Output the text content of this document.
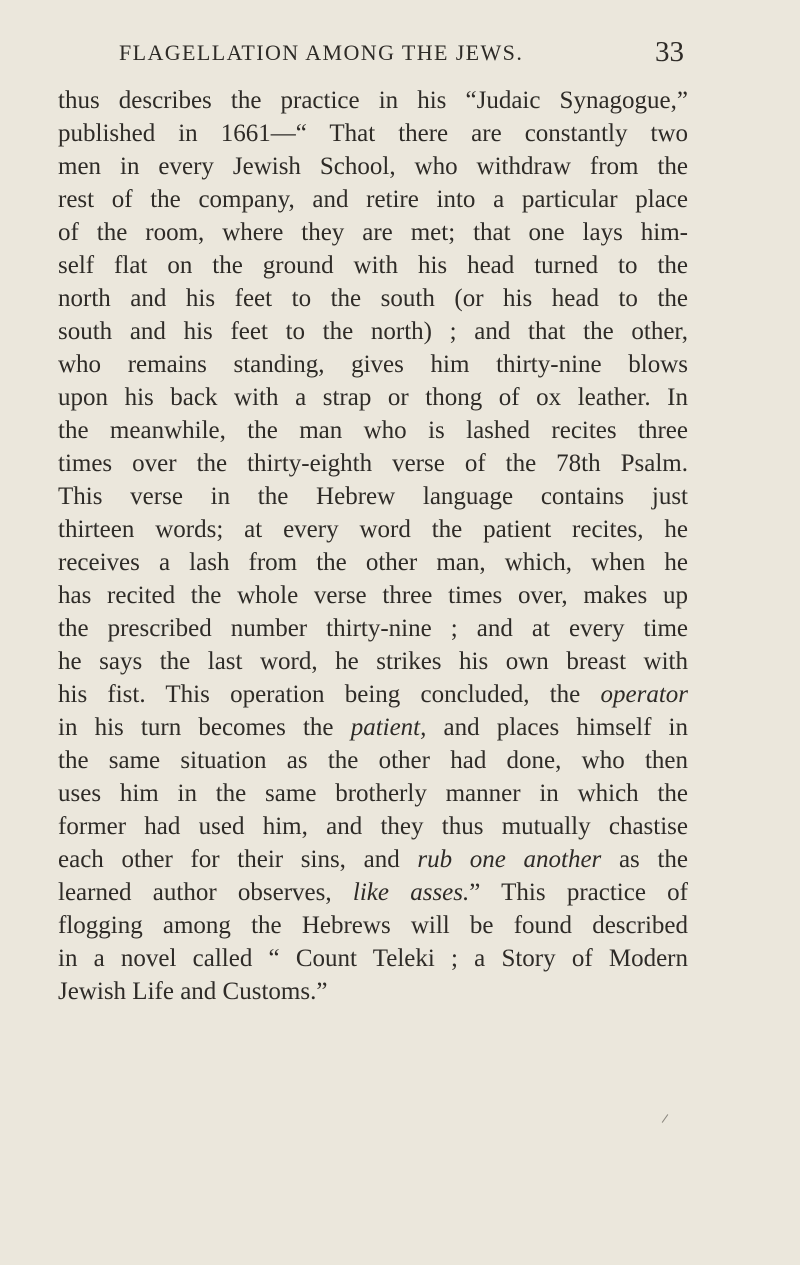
FLAGELLATION AMONG THE JEWS.	33
thus describes the practice in his “Judaic Synagogue,”
published in 1661—“ That there are constantly two
men in every Jewish School, who withdraw from the
rest of the company, and retire into a particular place
of the room, where they are met; that one lays him-
self flat on the ground with his head turned to the
north and his feet to the south (or his head to the
south and his feet to the north) ; and that the other,
who remains standing, gives him thirty-nine blows
upon his back with a strap or thong of ox leather. In
the meanwhile, the man who is lashed recites three
times over the thirty-eighth verse of the 78th Psalm.
This verse in the Hebrew language contains just
thirteen words; at every word the patient recites, he
receives a lash from the other man, which, when he
has recited the whole verse three times over, makes up
the prescribed number thirty-nine ; and at every time
he says the last word, he strikes his own breast with
his fist. This operation being concluded, the operator
in his turn becomes the patient, and places himself in
the same situation as the other had done, who then
uses him in the same brotherly manner in which the
former had used him, and they thus mutually chastise
each other for their sins, and rub one another as the
learned author observes, like asses.” This practice of
flogging among the Hebrews will be found described
in a novel called “ Count Teleki ; a Story of Modern
Jewish Life and Customs.”
